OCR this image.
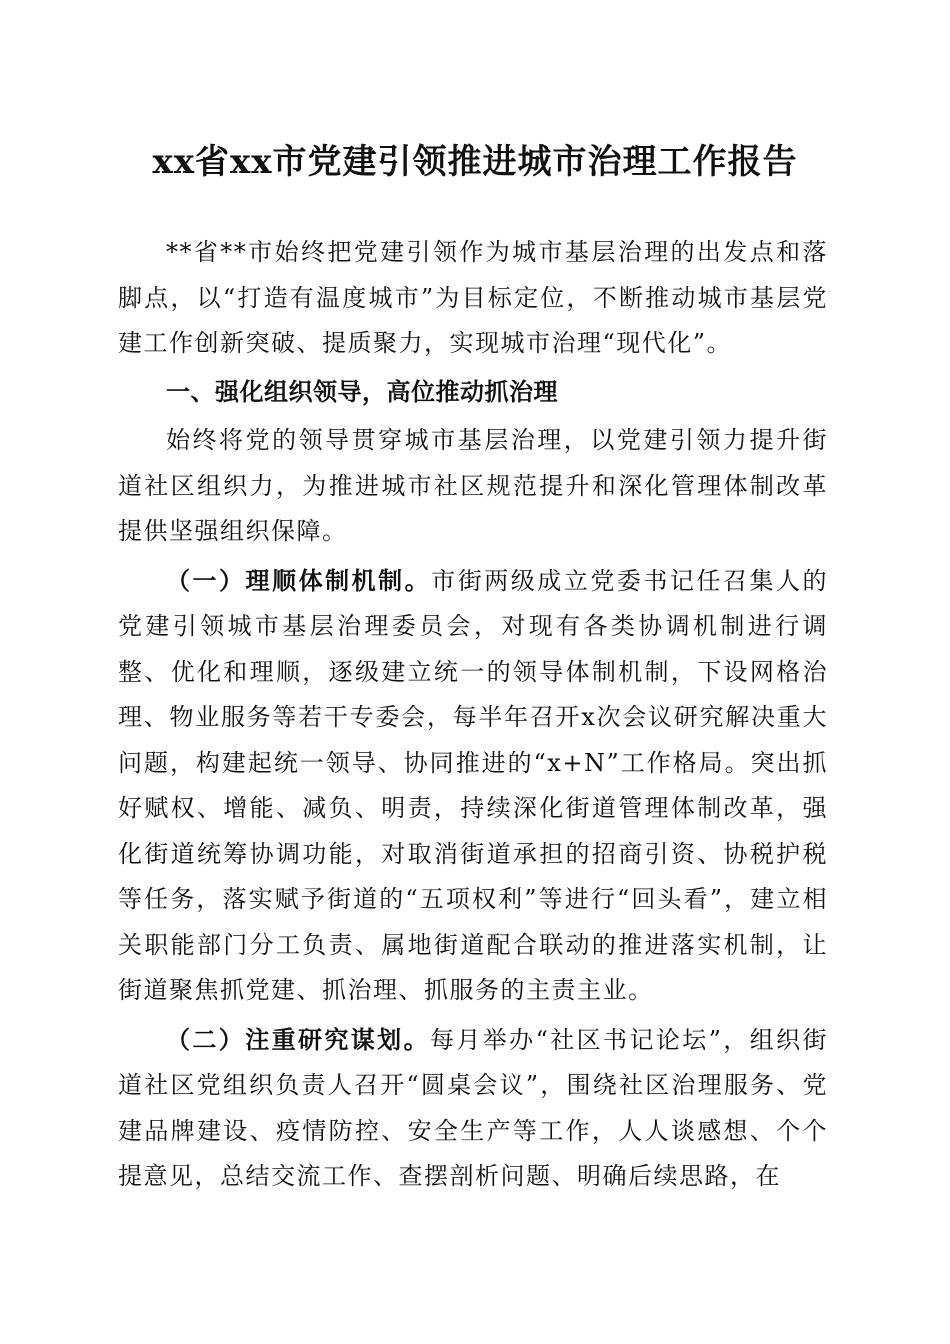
xx省xx市党建引领推进城市治理工作报告

**省**市始终把党建引领作为城市基层治理的出发点和落脚点，以“打造有温度城市”为目标定位，不断推动城市基层党建工作创新突破、提质聚力，实现城市治理“现代化”。

一、强化组织领导，高位推动抓治理

始终将党的领导贯穿城市基层治理，以党建引领力提升街道社区组织力，为推进城市社区规范提升和深化管理体制改革提供坚强组织保障。

（一）理顺体制机制。市街两级成立党委书记任召集人的党建引领城市基层治理委员会，对现有各类协调机制进行调整、优化和理顺，逐级建立统一的领导体制机制，下设网格治理、物业服务等若干专委会，每半年召开x次会议研究解决重大问题，构建起统一领导、协同推进的“x+N”工作格局。突出抓好赋权、增能、减负、明责，持续深化街道管理体制改革，强化街道统筹协调功能，对取消街道承担的招商引资、协税护税等任务，落实赋予街道的“五项权利”等进行“回头看”，建立相关职能部门分工负责、属地街道配合联动的推进落实机制，让街道聚焦抓党建、抓治理、抓服务的主责主业。

（二）注重研究谋划。每月举办“社区书记论坛”，组织街道社区党组织负责人召开“圆桌会议”，围绕社区治理服务、党建品牌建设、疫情防控、安全生产等工作，人人谈感想、个个提意见，总结交流工作、查摆剖析问题、明确后续思路，在
